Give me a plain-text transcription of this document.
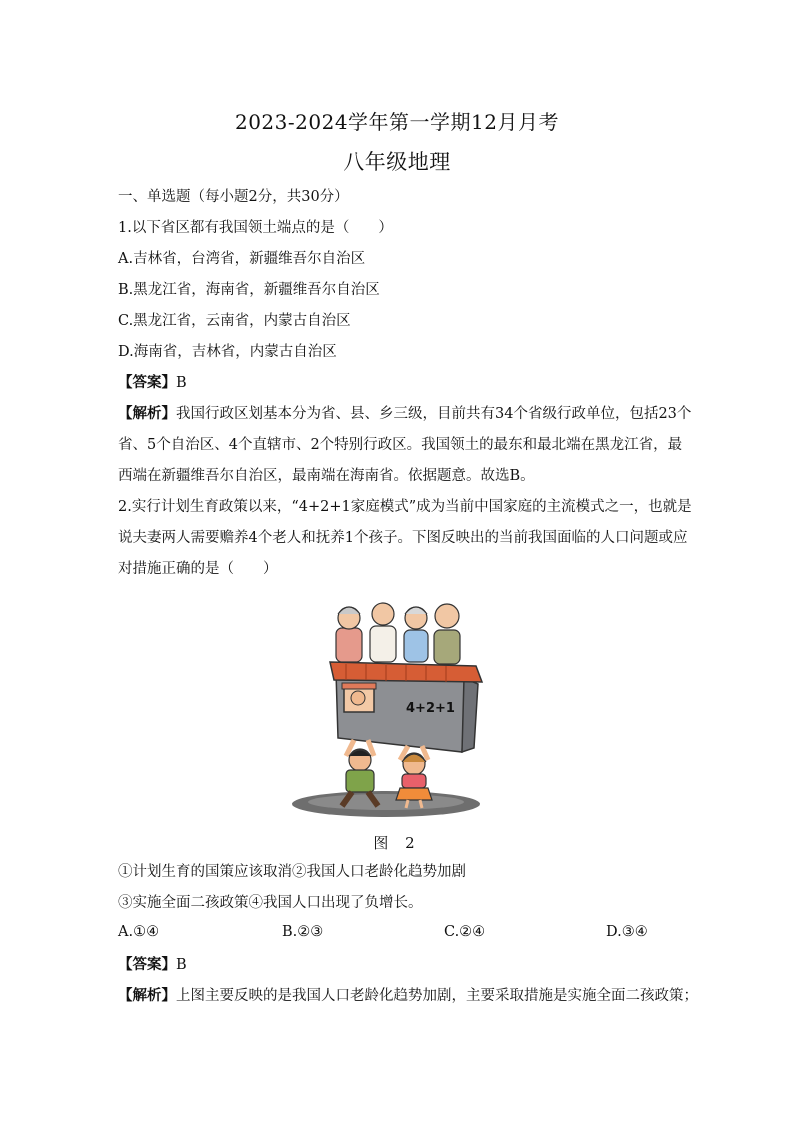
2023-2024学年第一学期12月月考
八年级地理
一、单选题（每小题2分，共30分）
1.以下省区都有我国领土端点的是（　　）
A.吉林省，台湾省，新疆维吾尔自治区
B.黑龙江省，海南省，新疆维吾尔自治区
C.黑龙江省，云南省，内蒙古自治区
D.海南省，吉林省，内蒙古自治区
【答案】B
【解析】我国行政区划基本分为省、县、乡三级，目前共有34个省级行政单位，包括23个
省、5个自治区、4个直辖市、2个特别行政区。我国领土的最东和最北端在黑龙江省，最
西端在新疆维吾尔自治区，最南端在海南省。依据题意。故选B。
2.实行计划生育政策以来，“4+2+1家庭模式”成为当前中国家庭的主流模式之一，也就是
说夫妻两人需要赡养4个老人和抚养1个孩子。下图反映出的当前我国面临的人口问题或应
对措施正确的是（　　）
4+2+1
图 2
①计划生育的国策应该取消②我国人口老龄化趋势加剧
③实施全面二孩政策④我国人口出现了负增长。
A.①④	B.②③	C.②④	D.③④
【答案】B
【解析】上图主要反映的是我国人口老龄化趋势加剧，主要采取措施是实施全面二孩政策；
